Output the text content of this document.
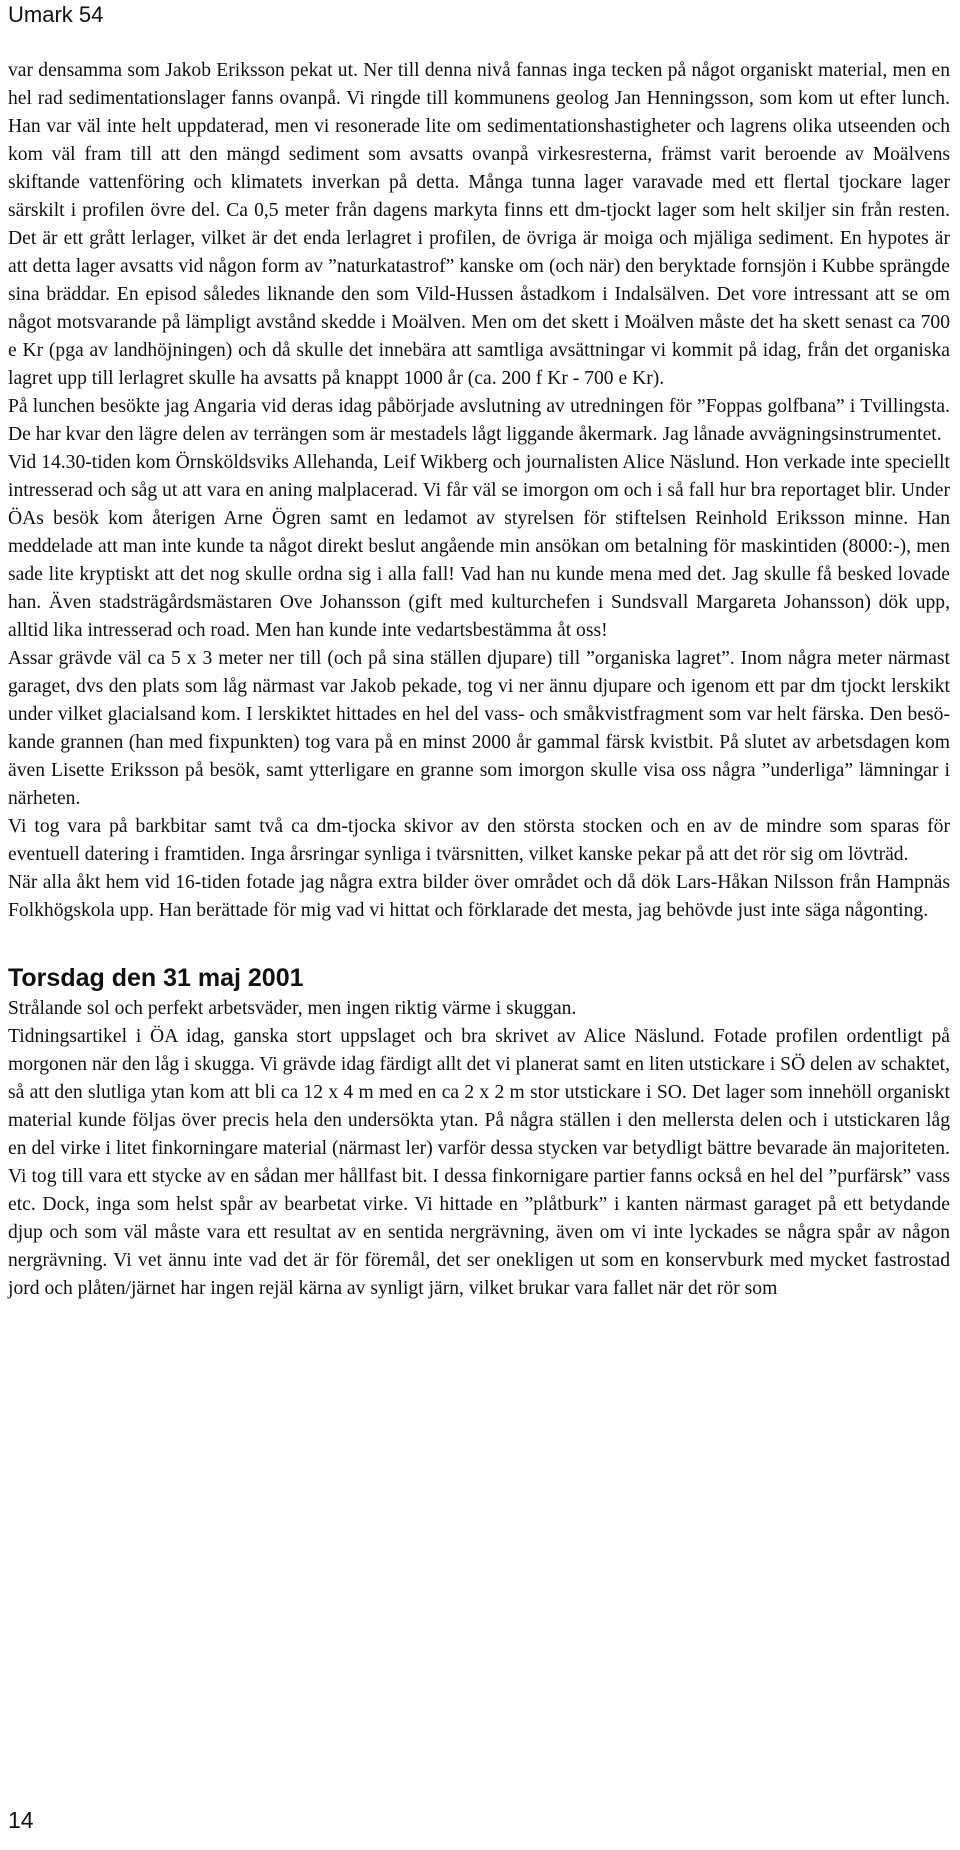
Umark 54

var densamma som Jakob Eriksson pekat ut. Ner till denna nivå fannas inga tecken på något organiskt material, men en hel rad sedimentationslager fanns ovanpå. Vi ringde till kommunens geolog Jan Henningsson, som kom ut efter lunch. Han var väl inte helt uppdaterad, men vi resonerade lite om sedimentationshastigheter och lagrens olika utseenden och kom väl fram till att den mängd sediment som avsatts ovanpå virkesresterna, främst varit beroende av Moälvens skiftande vattenföring och klimatets inverkan på detta. Många tunna lager varavade med ett flertal tjockare lager särskilt i profilen övre del. Ca 0,5 meter från dagens markyta finns ett dm-tjockt lager som helt skiljer sin från resten. Det är ett grått lerlager, vilket är det enda lerlagret i profilen, de övriga är moiga och mjäliga sediment. En hypotes är att detta lager avsatts vid någon form av ”naturkatastrof” kanske om (och när) den beryktade fornsjön i Kubbe sprängde sina bräddar. En episod således liknande den som Vild-Hussen åstadkom i Indalsälven. Det vore intressant att se om något motsvarande på lämpligt avstånd skedde i Moälven. Men om det skett i Moälven måste det ha skett senast ca 700 e Kr (pga av landhöjningen) och då skulle det innebära att samtliga avsättningar vi kommit på idag, från det organiska lagret upp till lerlagret skulle ha avsatts på knappt 1000 år (ca. 200 f Kr - 700 e Kr).

På lunchen besökte jag Angaria vid deras idag påbörjade avslutning av utredningen för ”Foppas golfbana” i Tvillingsta. De har kvar den lägre delen av terrängen som är mestadels lågt liggande åkermark. Jag lånade avvägningsinstrumentet.

Vid 14.30-tiden kom Örnsköldsviks Allehanda, Leif Wikberg och journalisten Alice Näslund. Hon verkade inte speciellt intresserad och såg ut att vara en aning malplacerad. Vi får väl se imorgon om och i så fall hur bra reportaget blir. Under ÖAs besök kom återigen Arne Ögren samt en ledamot av styrelsen för stiftelsen Reinhold Eriksson minne. Han meddelade att man inte kunde ta något direkt beslut angående min ansökan om betalning för maskintiden (8000:-), men sade lite kryptiskt att det nog skulle ordna sig i alla fall! Vad han nu kunde mena med det. Jag skulle få besked lovade han. Även stadsträgårdsmästaren Ove Johansson (gift med kulturchefen i Sundsvall Margareta Johansson) dök upp, alltid lika intresserad och road. Men han kunde inte vedartsbestämma åt oss!

Assar grävde väl ca 5 x 3 meter ner till (och på sina ställen djupare) till ”organiska lagret”. Inom några meter närmast garaget, dvs den plats som låg närmast var Jakob pekade, tog vi ner ännu djupare och igenom ett par dm tjockt lerskikt under vilket glacialsand kom. I lerskiktet hittades en hel del vass- och småkvistfragment som var helt färska. Den besökande grannen (han med fixpunkten) tog vara på en minst 2000 år gammal färsk kvistbit. På slutet av arbetsdagen kom även Lisette Eriksson på besök, samt ytterligare en granne som imorgon skulle visa oss några ”underliga” lämningar i närheten.

Vi tog vara på barkbitar samt två ca dm-tjocka skivor av den största stocken och en av de mindre som sparas för eventuell datering i framtiden. Inga årsringar synliga i tvärsnitten, vilket kanske pekar på att det rör sig om lövträd.

När alla åkt hem vid 16-tiden fotade jag några extra bilder över området och då dök Lars-Håkan Nilsson från Hampnäs Folkhögskola upp. Han berättade för mig vad vi hittat och förklarade det mesta, jag behövde just inte säga någonting.

Torsdag den 31 maj 2001

Strålande sol och perfekt arbetsväder, men ingen riktig värme i skuggan.

Tidningsartikel i ÖA idag, ganska stort uppslaget och bra skrivet av Alice Näslund. Fotade profilen ordentligt på morgonen när den låg i skugga. Vi grävde idag färdigt allt det vi planerat samt en liten utstickare i SÖ delen av schaktet, så att den slutliga ytan kom att bli ca 12 x 4 m med en ca 2 x 2 m stor utstickare i SO. Det lager som innehöll organiskt material kunde följas över precis hela den undersökta ytan. På några ställen i den mellersta delen och i utstickaren låg en del virke i litet finkorningare material (närmast ler) varför dessa stycken var betydligt bättre bevarade än majoriteten. Vi tog till vara ett stycke av en sådan mer hållfast bit. I dessa finkornigare partier fanns också en hel del ”purfärsk” vass etc. Dock, inga som helst spår av bearbetat virke. Vi hittade en ”plåtburk” i kanten närmast garaget på ett betydande djup och som väl måste vara ett resultat av en sentida nergrävning, även om vi inte lyckades se några spår av någon nergrävning. Vi vet ännu inte vad det är för föremål, det ser onekligen ut som en konservburk med mycket fastrostad jord och plåten/järnet har ingen rejäl kärna av synligt järn, vilket brukar vara fallet när det rör som

14
